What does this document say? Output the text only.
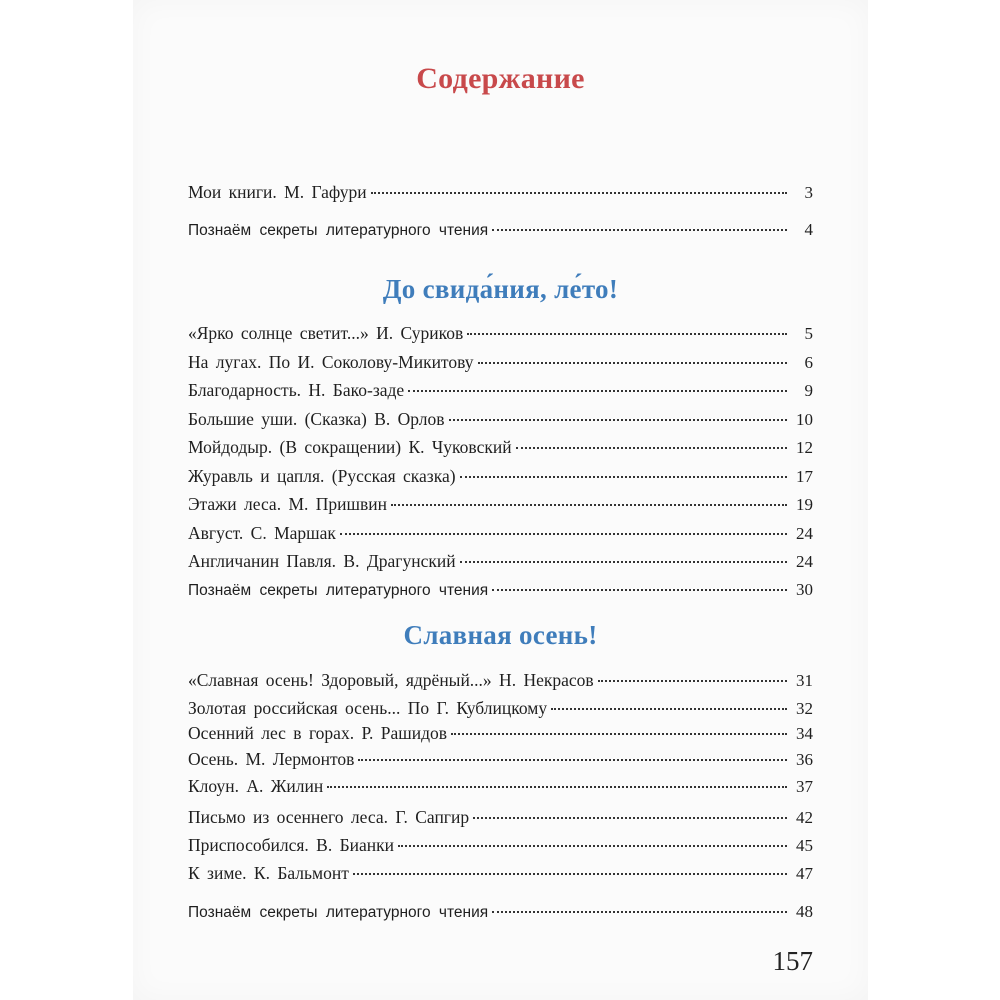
Содержание
Мои книги. М. Гафури	3
Познаём секреты литературного чтения	4
До свида́ния, ле́то!
«Ярко солнце светит...» И. Суриков	5
На лугах. По И. Соколову-Микитову	6
Благодарность. Н. Бако-заде	9
Большие уши. (Сказка) В. Орлов	10
Мойдодыр. (В сокращении) К. Чуковский	12
Журавль и цапля. (Русская сказка)	17
Этажи леса. М. Пришвин	19
Август. С. Маршак	24
Англичанин Павля. В. Драгунский	24
Познаём секреты литературного чтения	30
Славная осень!
«Славная осень! Здоровый, ядрёный...» Н. Некрасов	31
Золотая российская осень... По Г. Кублицкому	32
Осенний лес в горах. Р. Рашидов	34
Осень. М. Лермонтов	36
Клоун. А. Жилин	37
Письмо из осеннего леса. Г. Сапгир	42
Приспособился. В. Бианки	45
К зиме. К. Бальмонт	47
Познаём секреты литературного чтения	48
157
